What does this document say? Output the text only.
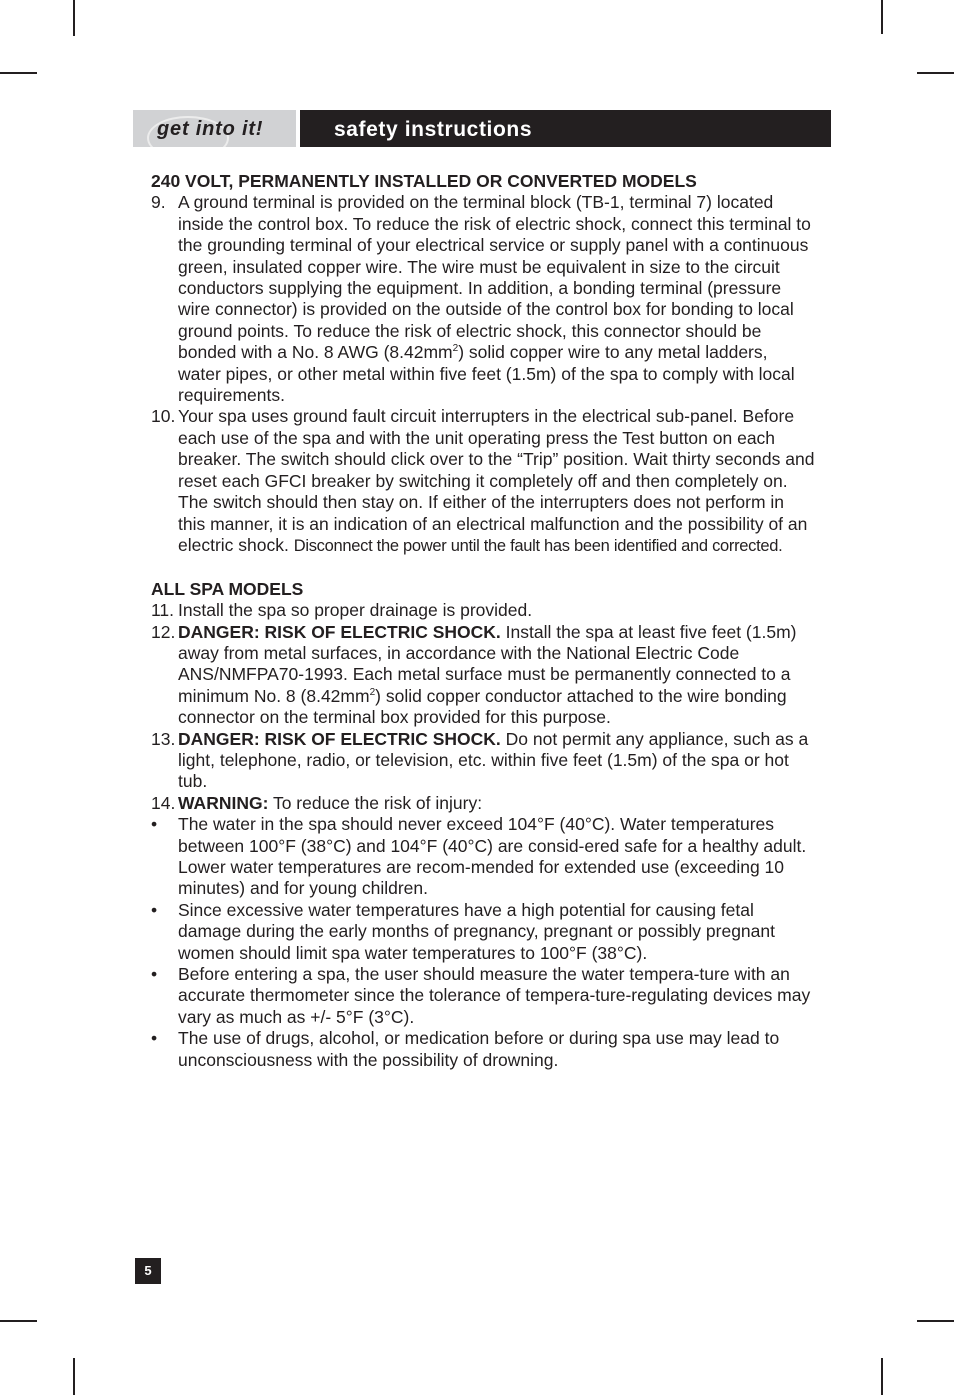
get into it!	safety instructions

240 VOLT, PERMANENTLY INSTALLED OR CONVERTED MODELS

9. A ground terminal is provided on the terminal block (TB-1, terminal 7) located inside the control box. To reduce the risk of electric shock, connect this terminal to the grounding terminal of your electrical service or supply panel with a continuous green, insulated copper wire. The wire must be equivalent in size to the circuit conductors supplying the equipment. In addition, a bonding terminal (pressure wire connector) is provided on the outside of the control box for bonding to local ground points. To reduce the risk of electric shock, this connector should be bonded with a No. 8 AWG $(8.42mm^2)$ solid copper wire to any metal ladders, water pipes, or other metal within five feet (1.5m) of the spa to comply with local requirements.
10. Your spa uses ground fault circuit interrupters in the electrical sub-panel. Before each use of the spa and with the unit operating press the Test button on each breaker. The switch should click over to the “Trip” position. Wait thirty seconds and reset each GFCI breaker by switching it completely off and then completely on. The switch should then stay on. If either of the interrupters does not perform in this manner, it is an indication of an electrical malfunction and the possibility of an electric shock. Disconnect the power until the fault has been identified and corrected.

ALL SPA MODELS

11. Install the spa so proper drainage is provided.
12. DANGER: RISK OF ELECTRIC SHOCK. Install the spa at least five feet (1.5m) away from metal surfaces, in accordance with the National Electric Code ANS/NMFPA70-1993. Each metal surface must be permanently connected to a minimum No. 8 $(8.42mm^2)$ solid copper conductor attached to the wire bonding connector on the terminal box provided for this purpose.
13. DANGER: RISK OF ELECTRIC SHOCK. Do not permit any appliance, such as a light, telephone, radio, or television, etc. within five feet (1.5m) of the spa or hot tub.
14. WARNING: To reduce the risk of injury:
• The water in the spa should never exceed 104°F (40°C). Water temperatures between 100°F (38°C) and 104°F (40°C) are consid-ered safe for a healthy adult. Lower water temperatures are recom-mended for extended use (exceeding 10 minutes) and for young children.
• Since excessive water temperatures have a high potential for causing fetal damage during the early months of pregnancy, pregnant or possibly pregnant women should limit spa water temperatures to 100°F (38°C).
• Before entering a spa, the user should measure the water tempera-ture with an accurate thermometer since the tolerance of tempera-ture-regulating devices may vary as much as +/- 5°F (3°C).
• The use of drugs, alcohol, or medication before or during spa use may lead to unconsciousness with the possibility of drowning.
5
